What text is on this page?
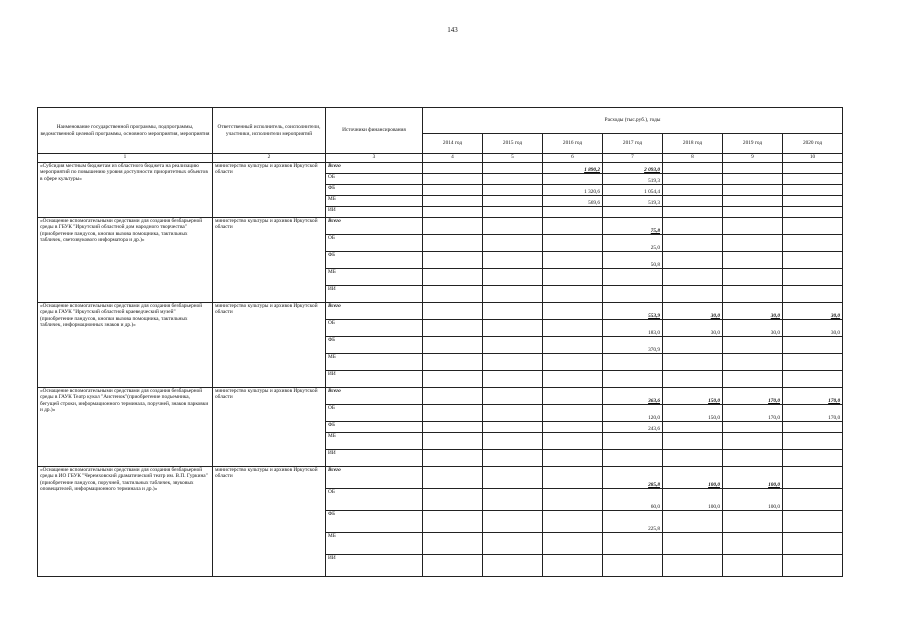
143
Наименование государственной программы, подпрограммы, ведомственной целевой программы, основного мероприятия, мероприятия	Ответственный исполнитель, соисполнители, участники, исполнители мероприятий	Источники финансирования	Расходы (тыс.руб.), годы						
			2014 год	2015 год	2016 год	2017 год	2018 год	2019 год	2020 год
1	2	3	4	5	6	7	8	9	10
«Субсидия местным бюджетам из областного бюджета на реализацию мероприятий по повышению уровня доступности приоритетных объектов в сфере культуры»	министерство культуры и архивов Иркутской области	Всего			1 890,2	2 093,0			
		ОБ				519,3			
		ФБ			1 320,6	1 054,4			
		МБ			569,6	519,3			
		ИИ							
«Оснащение вспомогательными средствами для создания безбарьерной среды в ГБУК "Иркутский областной дом народного творчества" (приобретение пандусов, кнопки вызова помощника, тактильных табличек, светозвукового информатора и др.)»	министерство культуры и архивов Иркутской области	Всего				75,8			
		ОБ				25,0			
		ФБ				50,8			
		МБ							
		ИИ							
«Оснащение вспомогательными средствами для создания безбарьерной среды в ГАУК "Иркутский областной краеведческий музей" (приобретение пандусов, кнопки вызова помощника, тактильных табличек, информационных знаков и др.)»	министерство культуры и архивов Иркутской области	Всего				553,9	30,0	30,0	30,0
		ОБ				183,0	30,0	30,0	30,0
		ФБ				370,9			
		МБ							
		ИИ							
«Оснащение вспомогательными средствами для создания безбарьерной среды в ГАУК Театр кукол "Аистенок"(приобретение подъемника, бегущей строки, информационного терминала, поручней, знаков парковки и др.)»	министерство культуры и архивов Иркутской области	Всего				363,6	150,0	170,0	170,0
		ОБ				120,0	150,0	170,0	170,0
		ФБ				243,6			
		МБ							
		ИИ							
«Оснащение вспомогательными средствами для создания безбарьерной среды в ИО ГБУК "Черемховский драматический театр им. В.П. Гуркина" (приобретение пандусов, поручней, тактильных табличек, звуковых оповещателей, информационного терминала и др.)»	министерство культуры и архивов Иркутской области	Всего				285,8	100,0	100,0	
		ОБ				60,0	100,0	100,0	
		ФБ				225,8			
		МБ							
		ИИ							
